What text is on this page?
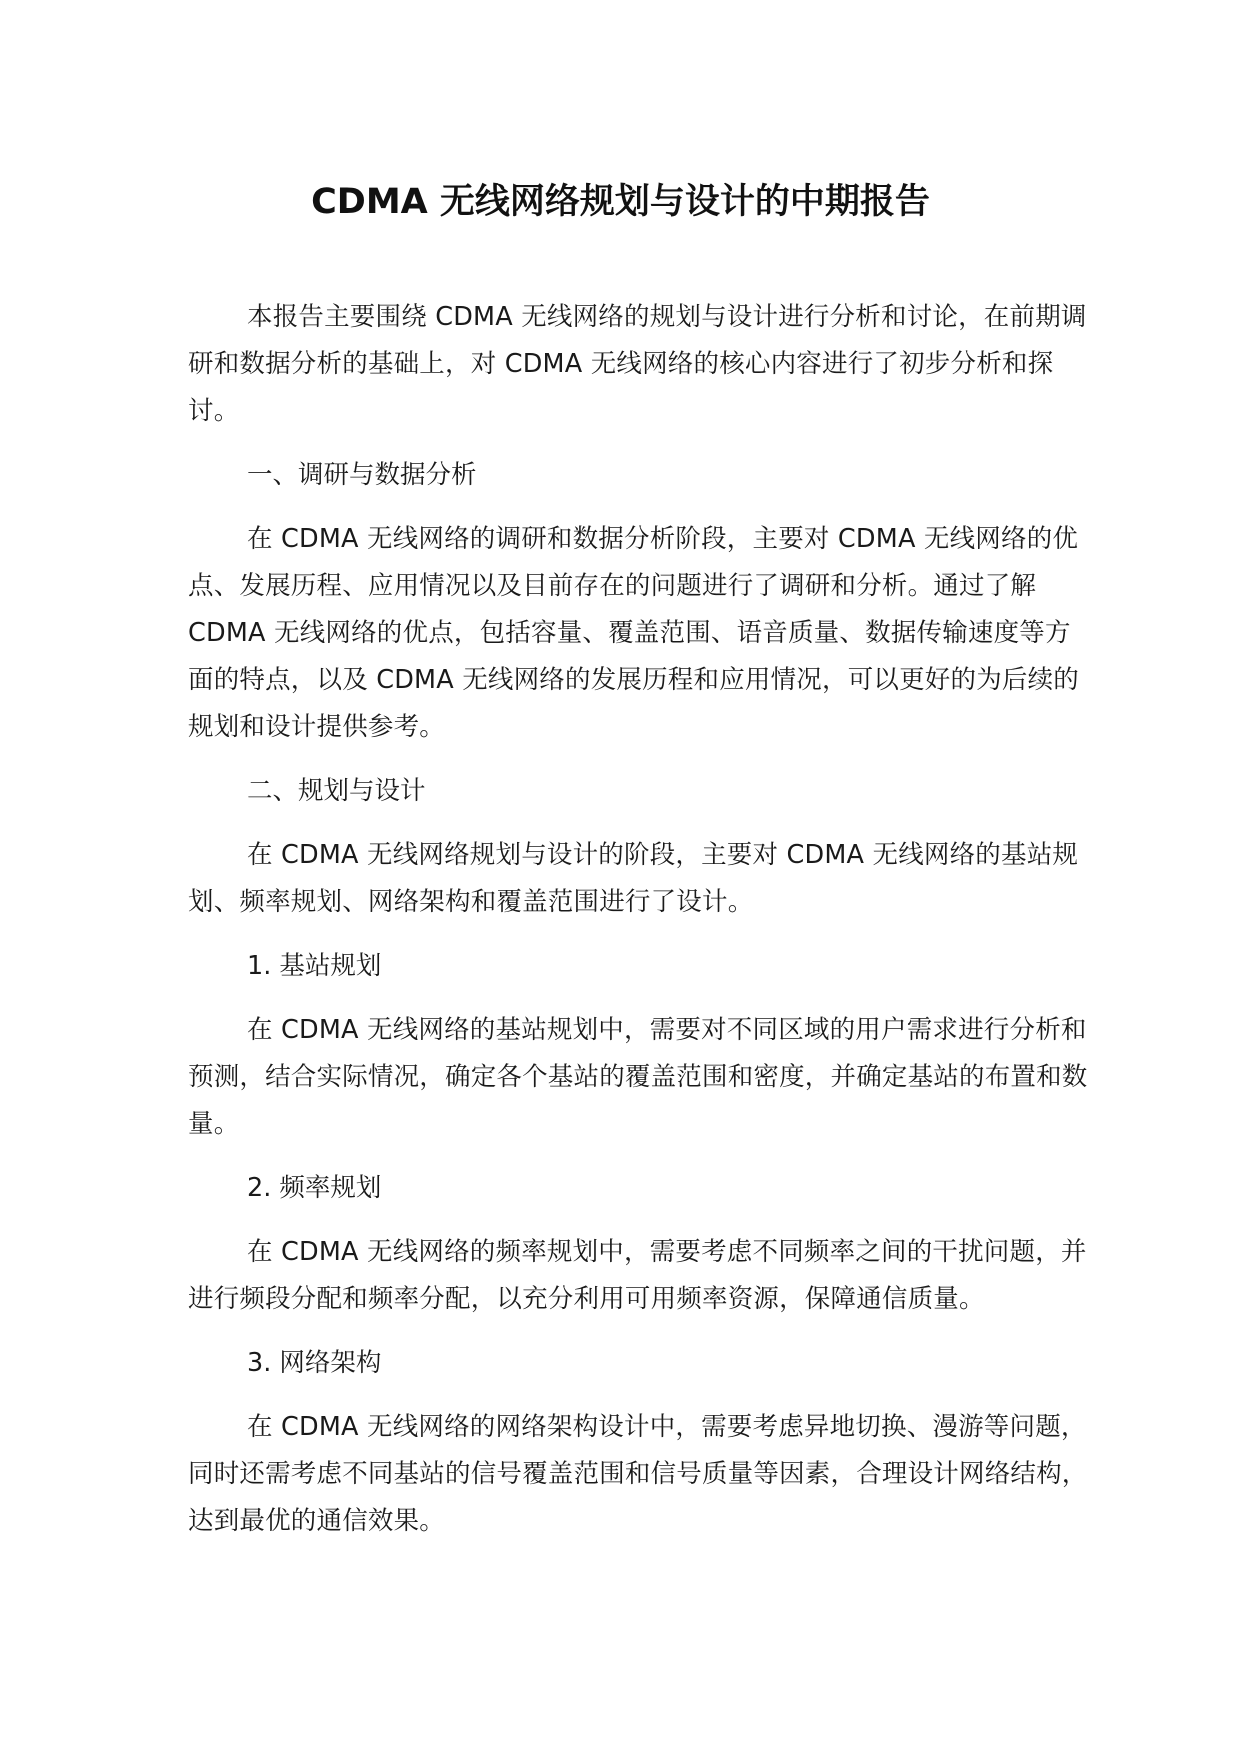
CDMA 无线网络规划与设计的中期报告

本报告主要围绕 CDMA 无线网络的规划与设计进行分析和讨论，在前期调研和数据分析的基础上，对 CDMA 无线网络的核心内容进行了初步分析和探讨。

一、调研与数据分析

在 CDMA 无线网络的调研和数据分析阶段，主要对 CDMA 无线网络的优点、发展历程、应用情况以及目前存在的问题进行了调研和分析。通过了解 CDMA 无线网络的优点，包括容量、覆盖范围、语音质量、数据传输速度等方面的特点，以及 CDMA 无线网络的发展历程和应用情况，可以更好的为后续的规划和设计提供参考。

二、规划与设计

在 CDMA 无线网络规划与设计的阶段，主要对 CDMA 无线网络的基站规划、频率规划、网络架构和覆盖范围进行了设计。

1. 基站规划

在 CDMA 无线网络的基站规划中，需要对不同区域的用户需求进行分析和预测，结合实际情况，确定各个基站的覆盖范围和密度，并确定基站的布置和数量。

2. 频率规划

在 CDMA 无线网络的频率规划中，需要考虑不同频率之间的干扰问题，并进行频段分配和频率分配，以充分利用可用频率资源，保障通信质量。

3. 网络架构

在 CDMA 无线网络的网络架构设计中，需要考虑异地切换、漫游等问题，同时还需考虑不同基站的信号覆盖范围和信号质量等因素，合理设计网络结构，达到最优的通信效果。
